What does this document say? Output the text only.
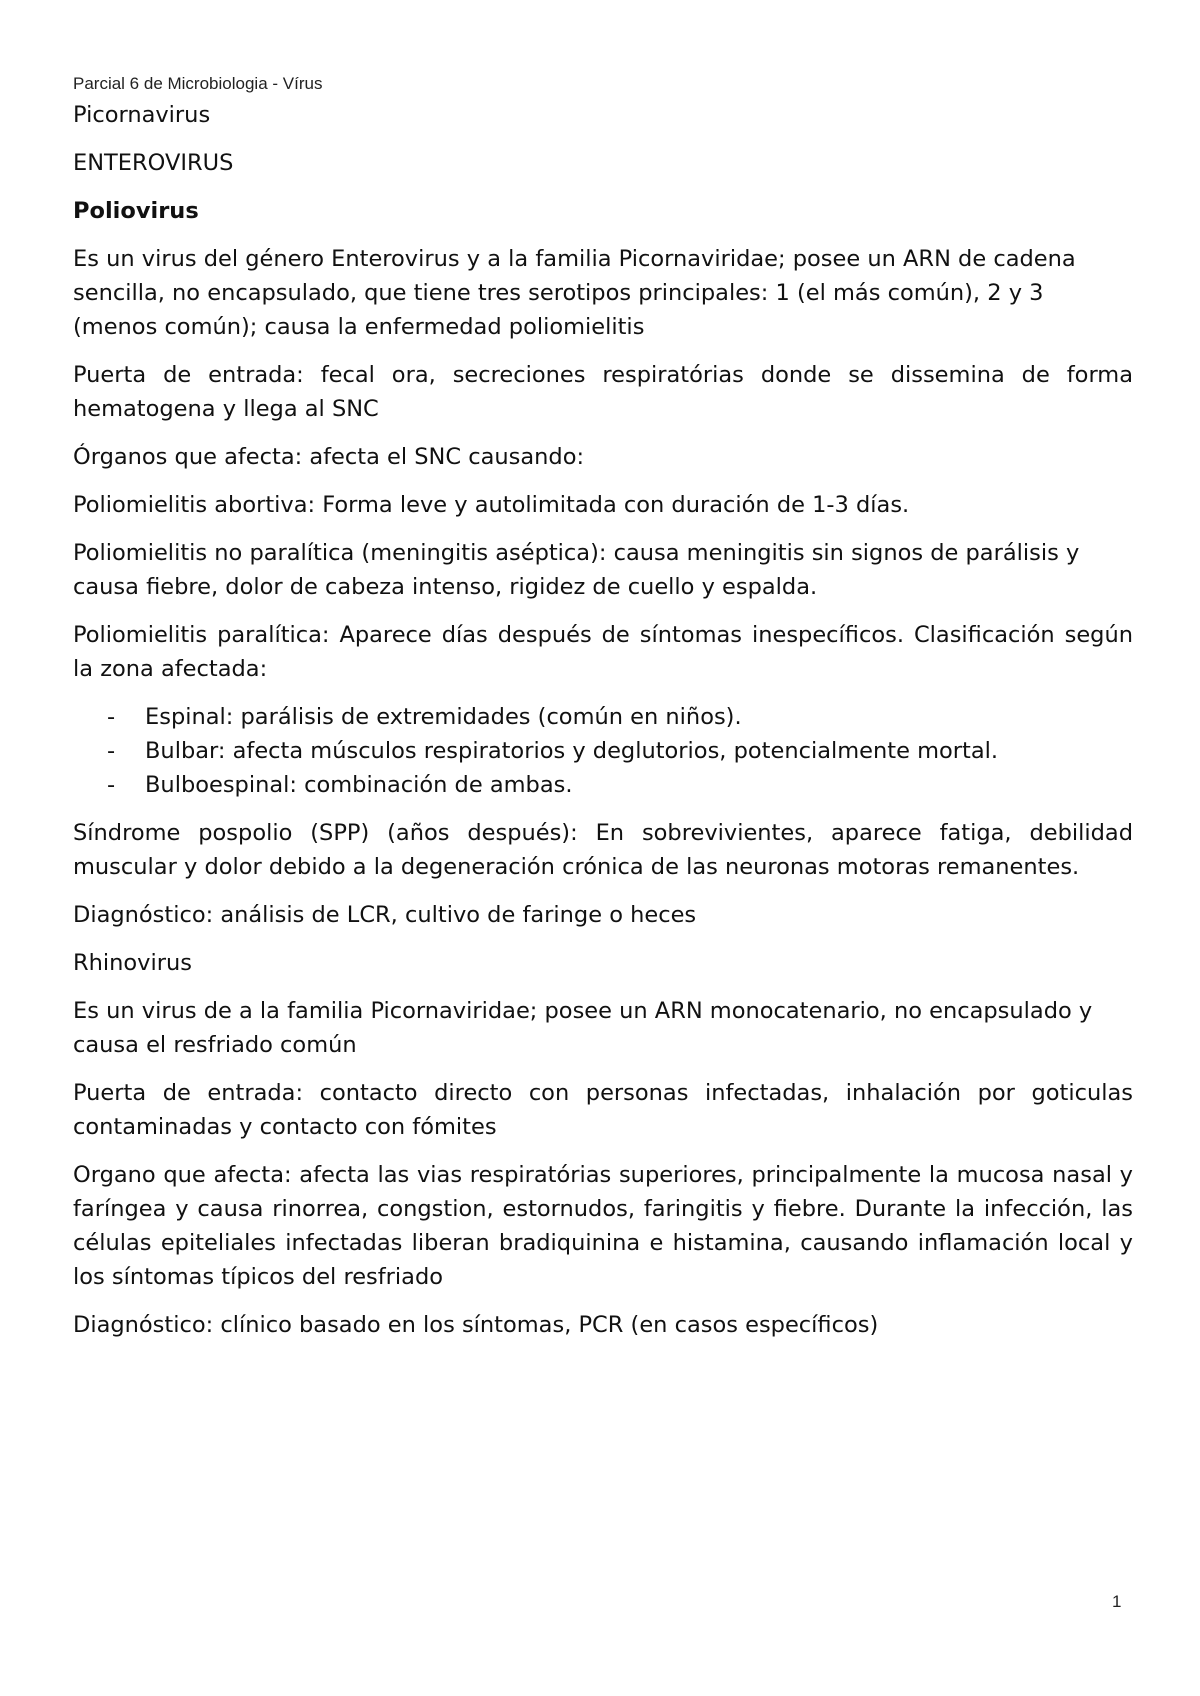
Parcial 6 de Microbiologia - Vírus

Picornavirus

ENTEROVIRUS

Poliovirus

Es un virus del género Enterovirus y a la familia Picornaviridae; posee un ARN de cadena sencilla, no encapsulado, que tiene tres serotipos principales: 1 (el más común), 2 y 3 (menos común); causa la enfermedad poliomielitis

Puerta de entrada: fecal ora, secreciones respiratórias donde se dissemina de forma hematogena y llega al SNC

Órganos que afecta: afecta el SNC causando:

Poliomielitis abortiva: Forma leve y autolimitada con duración de 1-3 días.

Poliomielitis no paralítica (meningitis aséptica): causa meningitis sin signos de parálisis y causa fiebre, dolor de cabeza intenso, rigidez de cuello y espalda.

Poliomielitis paralítica: Aparece días después de síntomas inespecíficos. Clasificación según la zona afectada:

- Espinal: parálisis de extremidades (común en niños).
- Bulbar: afecta músculos respiratorios y deglutorios, potencialmente mortal.
- Bulboespinal: combinación de ambas.

Síndrome pospolio (SPP) (años después): En sobrevivientes, aparece fatiga, debilidad muscular y dolor debido a la degeneración crónica de las neuronas motoras remanentes.

Diagnóstico: análisis de LCR, cultivo de faringe o heces

Rhinovirus

Es un virus de a la familia Picornaviridae; posee un ARN monocatenario, no encapsulado y causa el resfriado común

Puerta de entrada: contacto directo con personas infectadas, inhalación por goticulas contaminadas y contacto con fómites

Organo que afecta: afecta las vias respiratórias superiores, principalmente la mucosa nasal y faríngea y causa rinorrea, congstion, estornudos, faringitis y fiebre. Durante la infección, las células epiteliales infectadas liberan bradiquinina e histamina, causando inflamación local y los síntomas típicos del resfriado

Diagnóstico: clínico basado en los síntomas, PCR (en casos específicos)

1
